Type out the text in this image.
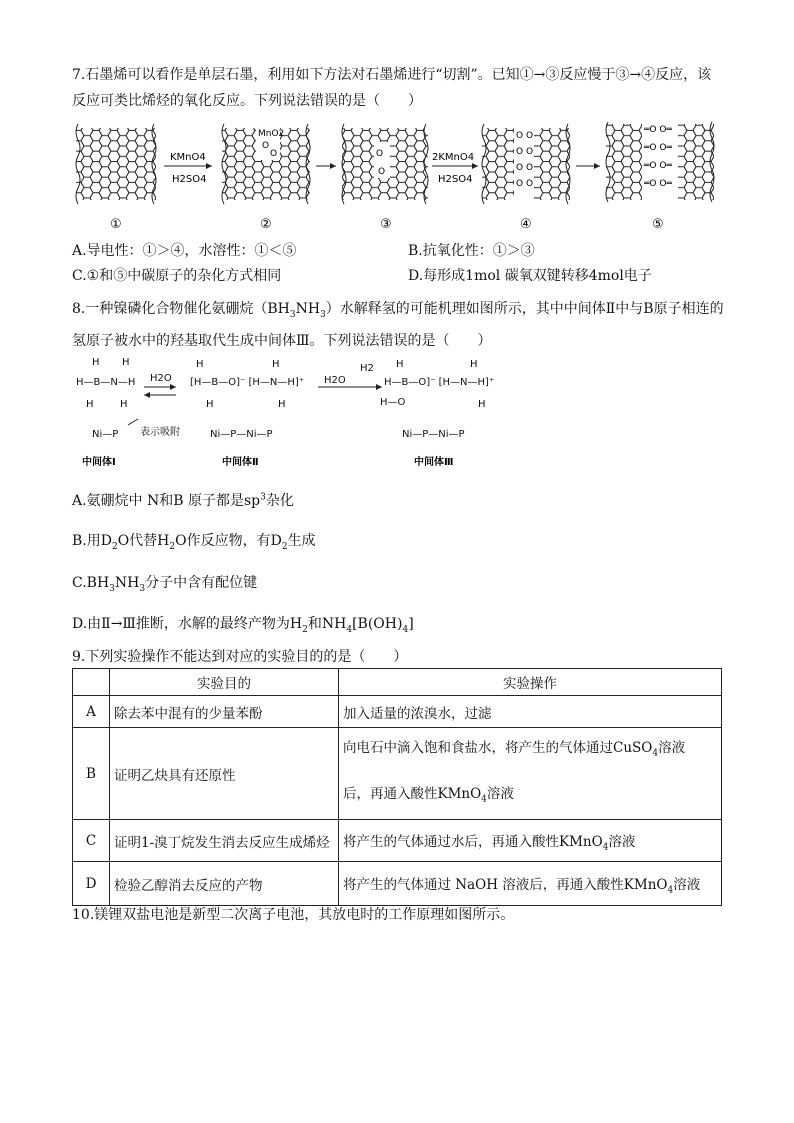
7.石墨烯可以看作是单层石墨，利用如下方法对石墨烯进行“切割”。已知①→③反应慢于③→④反应，该
反应可类比烯烃的氧化反应。下列说法错误的是（　　）
KMnO4
H2SO4
MnO2
O
O	O
O
2KMnO4
H2SO4
O O
O O
O O
O O
═O O═
═O O═
═O O═
═O O═
①	②	③	④	⑤
A.导电性：①＞④，水溶性：①＜⑤	B.抗氧化性：①＞③
C.①和⑤中碳原子的杂化方式相同	D.每形成1mol 碳氧双键转移4mol电子
8.一种镍磷化合物催化氨硼烷$(BH_3NH_3)$水解释氢的可能机理如图所示，其中中间体Ⅱ中与B原子相连的
氢原子被水中的羟基取代生成中间体Ⅲ。下列说法错误的是（　　）
H H
H—B—N—H
H	H
Ni—P 表示吸附
H2O [H—B—O]⁻ [H—N—H]⁺
H	H
H	H
Ni—P—Ni—P
H2O
H2
H—B—O]⁻ [H—N—H]⁺
H	H
H—O	H
Ni—P—Ni—P
中间体Ⅰ	中间体Ⅱ	中间体Ⅲ
A.氨硼烷中 N和B 原子都是$sp^3$杂化
B.用$D_2O$代替$H_2O$作反应物，有$D_2$生成
$C.BH_3NH_3$分子中含有配位键
D.由Ⅱ→Ⅲ推断，水解的最终产物为$H_2$和$NH_4[B(OH)_4]$
9.下列实验操作不能达到对应的实验目的的是（　　）
	实验目的	实验操作
A	除去苯中混有的少量苯酚	加入适量的浓溴水，过滤
B	证明乙炔具有还原性	向电石中滴入饱和食盐水，将产生的气体通过CuSO$_4$溶液
后，再通入酸性KMnO$_4$溶液
C	证明1-溴丁烷发生消去反应生成烯烃	将产生的气体通过水后，再通入酸性KMnO$_4$溶液
D	检验乙醇消去反应的产物	将产生的气体通过 NaOH 溶液后，再通入酸性KMnO$_4$溶液
10.镁锂双盐电池是新型二次离子电池，其放电时的工作原理如图所示。
